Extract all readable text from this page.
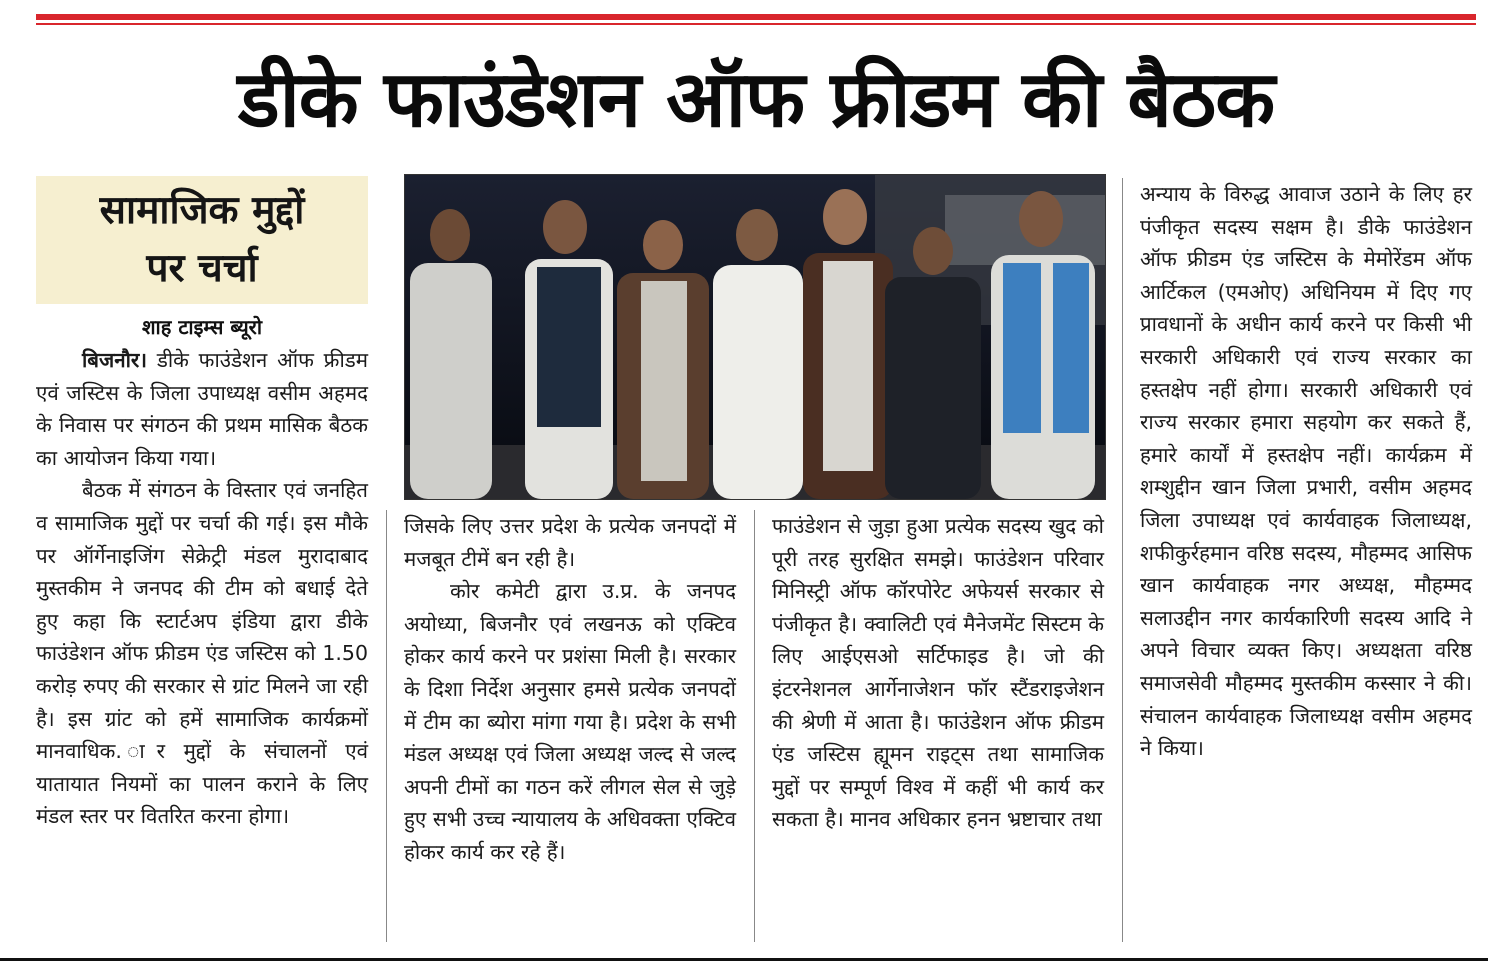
डीके फाउंडेशन ऑफ फ्रीडम की बैठक
सामाजिक मुद्दों
पर चर्चा
शाह टाइम्स ब्यूरो

बिजनौर। डीके फाउंडेशन ऑफ फ्रीडम एवं जस्टिस के जिला उपाध्यक्ष वसीम अहमद के निवास पर संगठन की प्रथम मासिक बैठक का आयोजन किया गया।

बैठक में संगठन के विस्तार एवं जनहित व सामाजिक मुद्दों पर चर्चा की गई। इस मौके पर ऑर्गेनाइजिंग सेक्रेट्री मंडल मुरादाबाद मुस्तकीम ने जनपद की टीम को बधाई देते हुए कहा कि स्टार्टअप इंडिया द्वारा डीके फाउंडेशन ऑफ फ्रीडम एंड जस्टिस को 1.50 करोड़ रुपए की सरकार से ग्रांट मिलने जा रही है। इस ग्रांट को हमें सामाजिक कार्यक्रमों मानवाधिक. ार मुद्दों के संचालनों एवं यातायात नियमों का पालन कराने के लिए मंडल स्तर पर वितरित करना होगा।

जिसके लिए उत्तर प्रदेश के प्रत्येक जनपदों में मजबूत टीमें बन रही है।

कोर कमेटी द्वारा उ.प्र. के जनपद अयोध्या, बिजनौर एवं लखनऊ को एक्टिव होकर कार्य करने पर प्रशंसा मिली है। सरकार के दिशा निर्देश अनुसार हमसे प्रत्येक जनपदों में टीम का ब्योरा मांगा गया है। प्रदेश के सभी मंडल अध्यक्ष एवं जिला अध्यक्ष जल्द से जल्द अपनी टीमों का गठन करें लीगल सेल से जुड़े हुए सभी उच्च न्यायालय के अधिवक्ता एक्टिव होकर कार्य कर रहे हैं।

फाउंडेशन से जुड़ा हुआ प्रत्येक सदस्य खुद को पूरी तरह सुरक्षित समझे। फाउंडेशन परिवार मिनिस्ट्री ऑफ कॉरपोरेट अफेयर्स सरकार से पंजीकृत है। क्वालिटी एवं मैनेजमेंट सिस्टम के लिए आईएसओ सर्टिफाइड है। जो की इंटरनेशनल आर्गेनाजेशन फॉर स्टैंडराइजेशन की श्रेणी में आता है। फाउंडेशन ऑफ फ्रीडम एंड जस्टिस ह्यूमन राइट्स तथा सामाजिक मुद्दों पर सम्पूर्ण विश्व में कहीं भी कार्य कर सकता है। मानव अधिकार हनन भ्रष्टाचार तथा

अन्याय के विरुद्ध आवाज उठाने के लिए हर पंजीकृत सदस्य सक्षम है। डीके फाउंडेशन ऑफ फ्रीडम एंड जस्टिस के मेमोरेंडम ऑफ आर्टिकल (एमओए) अधिनियम में दिए गए प्रावधानों के अधीन कार्य करने पर किसी भी सरकारी अधिकारी एवं राज्य सरकार का हस्तक्षेप नहीं होगा। सरकारी अधिकारी एवं राज्य सरकार हमारा सहयोग कर सकते हैं, हमारे कार्यों में हस्तक्षेप नहीं। कार्यक्रम में शम्शुद्दीन खान जिला प्रभारी, वसीम अहमद जिला उपाध्यक्ष एवं कार्यवाहक जिलाध्यक्ष, शफीकुर्रहमान वरिष्ठ सदस्य, मौहम्मद आसिफ खान कार्यवाहक नगर अध्यक्ष, मौहम्मद सलाउद्दीन नगर कार्यकारिणी सदस्य आदि ने अपने विचार व्यक्त किए। अध्यक्षता वरिष्ठ समाजसेवी मौहम्मद मुस्तकीम कस्सार ने की। संचालन कार्यवाहक जिलाध्यक्ष वसीम अहमद ने किया।
